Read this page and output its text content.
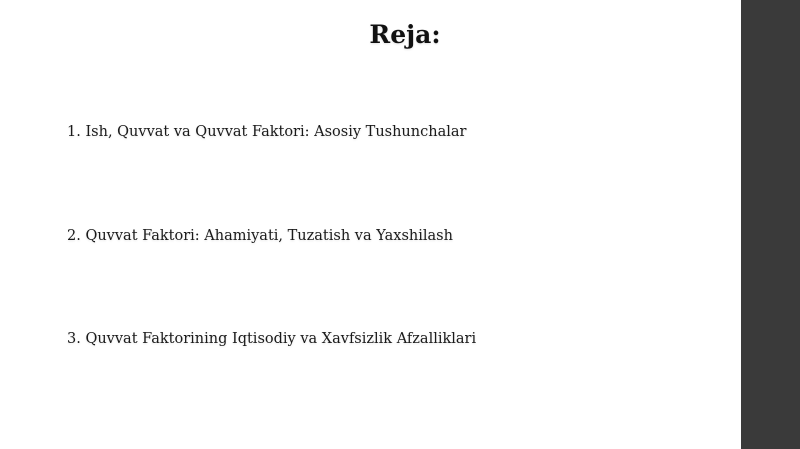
Reja:
1. Ish, Quvvat va Quvvat Faktori: Asosiy Tushunchalar
2. Quvvat Faktori: Ahamiyati, Tuzatish va Yaxshilash
3. Quvvat Faktorining Iqtisodiy va Xavfsizlik Afzalliklari
